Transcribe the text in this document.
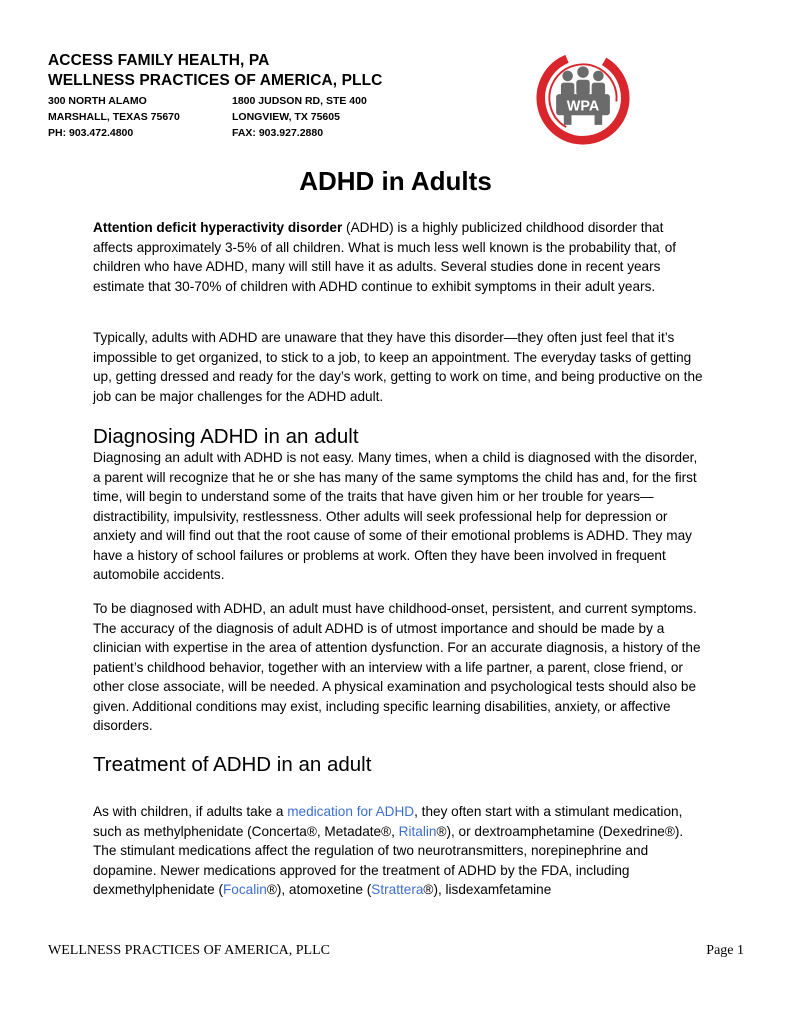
ACCESS FAMILY HEALTH, PA
WELLNESS PRACTICES OF AMERICA, PLLC
300 NORTH ALAMO
MARSHALL, TEXAS 75670
PH: 903.472.4800
1800 JUDSON RD, STE 400
LONGVIEW, TX 75605
FAX: 903.927.2880
WPA
ADHD in Adults

Attention deficit hyperactivity disorder (ADHD) is a highly publicized childhood disorder that affects approximately 3-5% of all children. What is much less well known is the probability that, of children who have ADHD, many will still have it as adults. Several studies done in recent years estimate that 30-70% of children with ADHD continue to exhibit symptoms in their adult years.

Typically, adults with ADHD are unaware that they have this disorder—they often just feel that it’s impossible to get organized, to stick to a job, to keep an appointment. The everyday tasks of getting up, getting dressed and ready for the day’s work, getting to work on time, and being productive on the job can be major challenges for the ADHD adult.

Diagnosing ADHD in an adult

Diagnosing an adult with ADHD is not easy. Many times, when a child is diagnosed with the disorder, a parent will recognize that he or she has many of the same symptoms the child has and, for the first time, will begin to understand some of the traits that have given him or her trouble for years—distractibility, impulsivity, restlessness. Other adults will seek professional help for depression or anxiety and will find out that the root cause of some of their emotional problems is ADHD. They may have a history of school failures or problems at work. Often they have been involved in frequent automobile accidents.

To be diagnosed with ADHD, an adult must have childhood-onset, persistent, and current symptoms. The accuracy of the diagnosis of adult ADHD is of utmost importance and should be made by a clinician with expertise in the area of attention dysfunction. For an accurate diagnosis, a history of the patient’s childhood behavior, together with an interview with a life partner, a parent, close friend, or other close associate, will be needed. A physical examination and psychological tests should also be given. Additional conditions may exist, including specific learning disabilities, anxiety, or affective disorders.

Treatment of ADHD in an adult

As with children, if adults take a medication for ADHD, they often start with a stimulant medication, such as methylphenidate (Concerta®, Metadate®, Ritalin®), or dextroamphetamine (Dexedrine®). The stimulant medications affect the regulation of two neurotransmitters, norepinephrine and dopamine. Newer medications approved for the treatment of ADHD by the FDA, including dexmethylphenidate (Focalin®), atomoxetine (Strattera®), lisdexamfetamine

WELLNESS PRACTICES OF AMERICA, PLLC	Page 1
